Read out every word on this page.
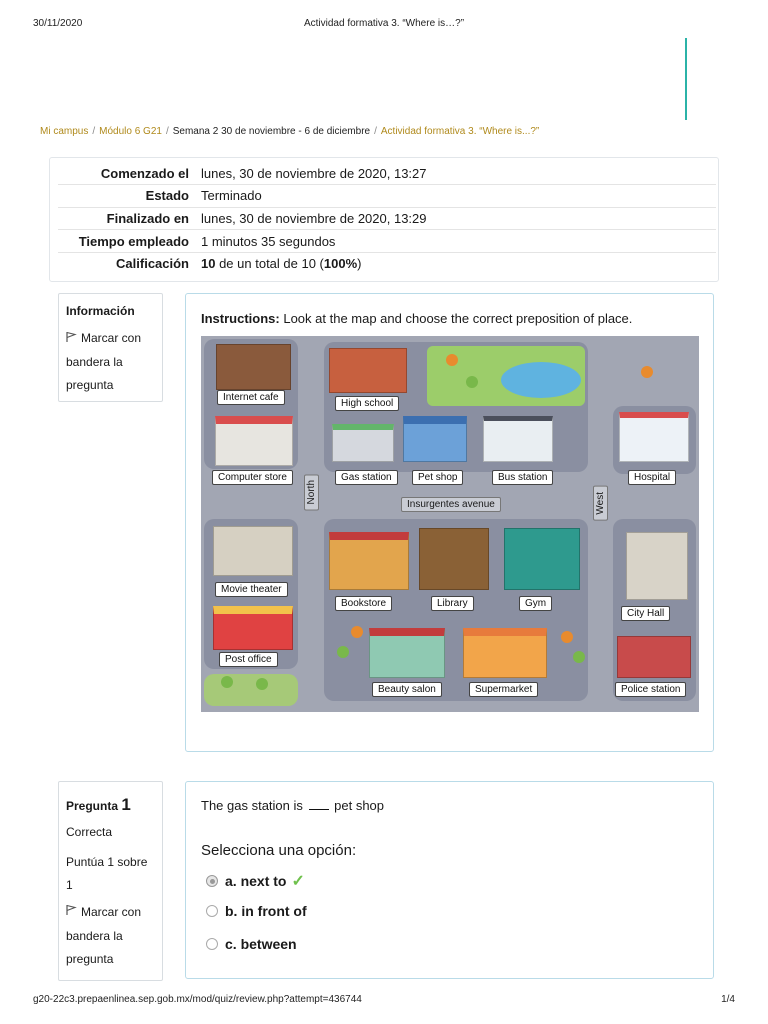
30/11/2020	Actividad formativa 3. “Where is…?”
Mi campus / Módulo 6 G21 / Semana 2 30 de noviembre - 6 de diciembre / Actividad formativa 3. “Where is...?”
Comenzado el	lunes, 30 de noviembre de 2020, 13:27
Estado	Terminado
Finalizado en	lunes, 30 de noviembre de 2020, 13:29
Tiempo empleado	1 minutos 35 segundos
Calificación	10 de un total de 10 (100%)
Información
Marcar con bandera la pregunta
Instructions: Look at the map and choose the correct preposition of place.
Internet cafe
High school
Computer store	Gas station	Pet shop	Bus station	Hospital
Insurgentes avenue
North	West
Movie theater
Bookstore	Library	Gym
City Hall
Post office
Beauty salon	Supermarket	Police station
Pregunta 1
Correcta
Puntúa 1 sobre 1
Marcar con bandera la pregunta
The gas station is pet shop
Selecciona una opción:
a. next to ✓
b. in front of
c. between
g20-22c3.prepaenlinea.sep.gob.mx/mod/quiz/review.php?attempt=436744	1/4
